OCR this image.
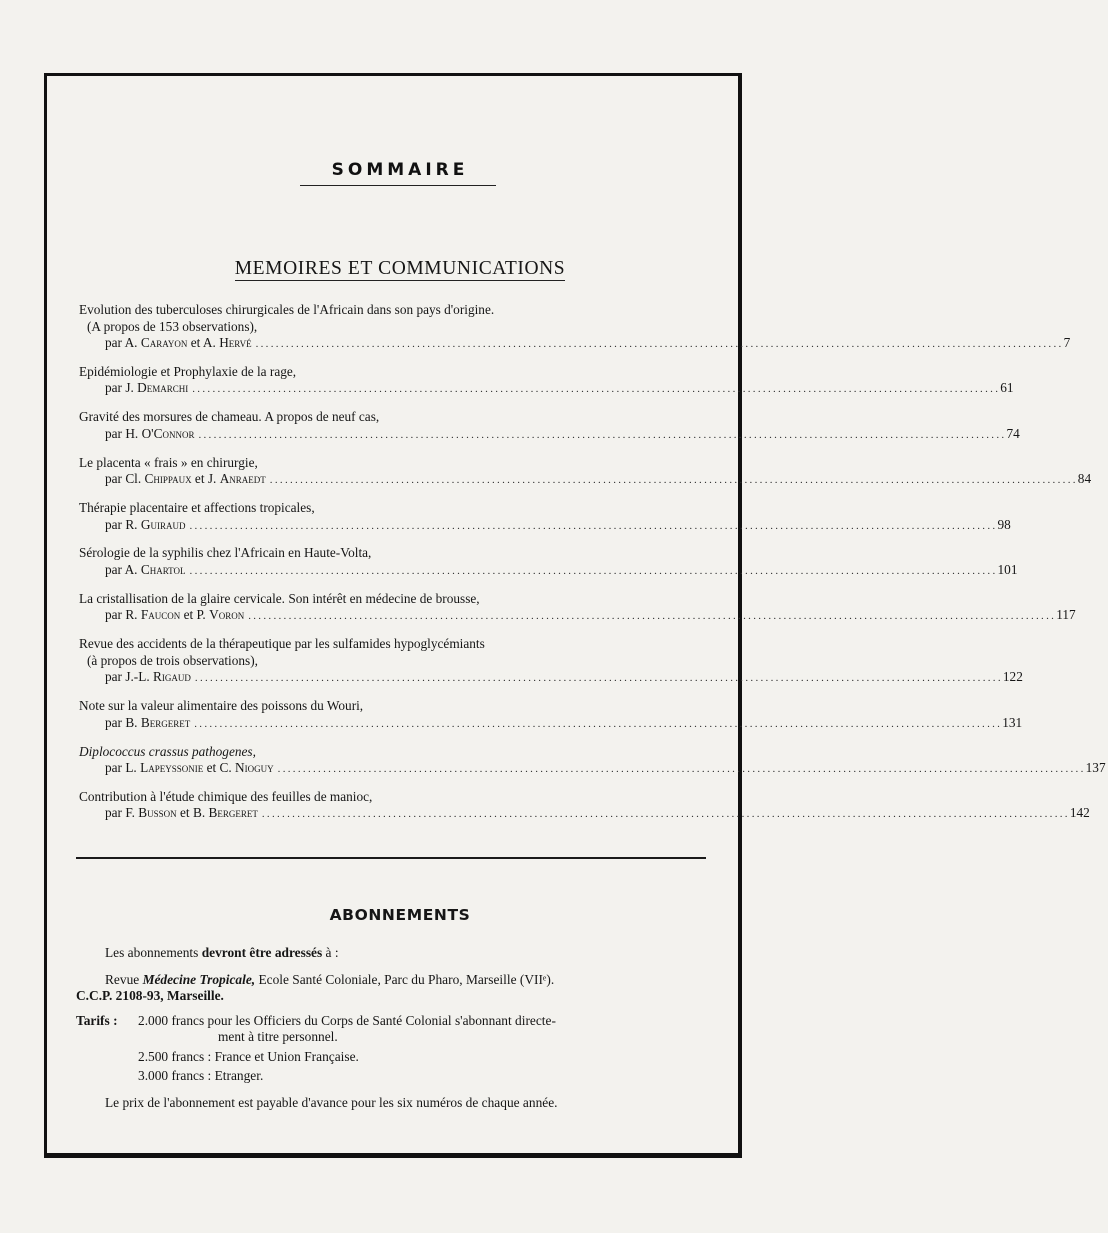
SOMMAIRE
MEMOIRES ET COMMUNICATIONS
Evolution des tuberculoses chirurgicales de l'Africain dans son pays d'origine.
(A propos de 153 observations),
par A. Carayon et A. Hervé ................................................................................................................................................................ 7
Epidémiologie et Prophylaxie de la rage,
par J. Demarchi ................................................................................................................................................................ 61
Gravité des morsures de chameau. A propos de neuf cas,
par H. O'Connor ................................................................................................................................................................ 74
Le placenta « frais » en chirurgie,
par Cl. Chippaux et J. Anraedt ................................................................................................................................................................ 84
Thérapie placentaire et affections tropicales,
par R. Guiraud ................................................................................................................................................................ 98
Sérologie de la syphilis chez l'Africain en Haute-Volta,
par A. Chartol ................................................................................................................................................................ 101
La cristallisation de la glaire cervicale. Son intérêt en médecine de brousse,
par R. Faucon et P. Voron ................................................................................................................................................................ 117
Revue des accidents de la thérapeutique par les sulfamides hypoglycémiants
(à propos de trois observations),
par J.-L. Rigaud ................................................................................................................................................................ 122
Note sur la valeur alimentaire des poissons du Wouri,
par B. Bergeret ................................................................................................................................................................ 131
Diplococcus crassus pathogenes,
par L. Lapeyssonie et C. Nioguy ................................................................................................................................................................ 137
Contribution à l'étude chimique des feuilles de manioc,
par F. Busson et B. Bergeret ................................................................................................................................................................ 142
ABONNEMENTS

Les abonnements devront être adressés à :

Revue Médecine Tropicale, Ecole Santé Coloniale, Parc du Pharo, Marseille (VIIᵉ).

C.C.P. 2108-93, Marseille.

Tarifs :	2.000 francs pour les Officiers du Corps de Santé Colonial s'abonnant directe-

ment à titre personnel.

2.500 francs : France et Union Française.

3.000 francs : Etranger.

Le prix de l'abonnement est payable d'avance pour les six numéros de chaque année.
